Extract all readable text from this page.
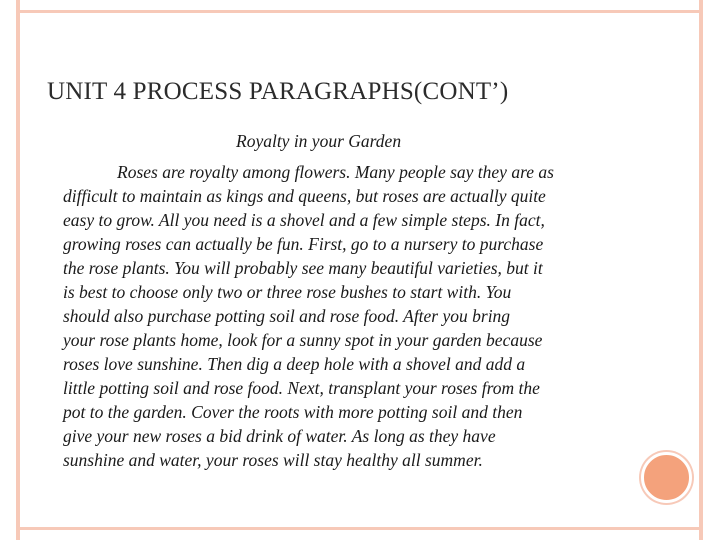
UNIT 4 PROCESS PARAGRAPHS(CONT’)
Royalty in your Garden
Roses are royalty among flowers. Many people say they are as
difficult to maintain as kings and queens, but roses are actually quite
easy to grow. All you need is a shovel and a few simple steps. In fact,
growing roses can actually be fun. First, go to a nursery to purchase
the rose plants. You will probably see many beautiful varieties, but it
is best to choose only two or three rose bushes to start with. You
should also purchase potting soil and rose food. After you bring
your rose plants home, look for a sunny spot in your garden because
roses love sunshine. Then dig a deep hole with a shovel and add a
little potting soil and rose food. Next, transplant your roses from the
pot to the garden. Cover the roots with more potting soil and then
give your new roses a bid drink of water. As long as they have
sunshine and water, your roses will stay healthy all summer.
